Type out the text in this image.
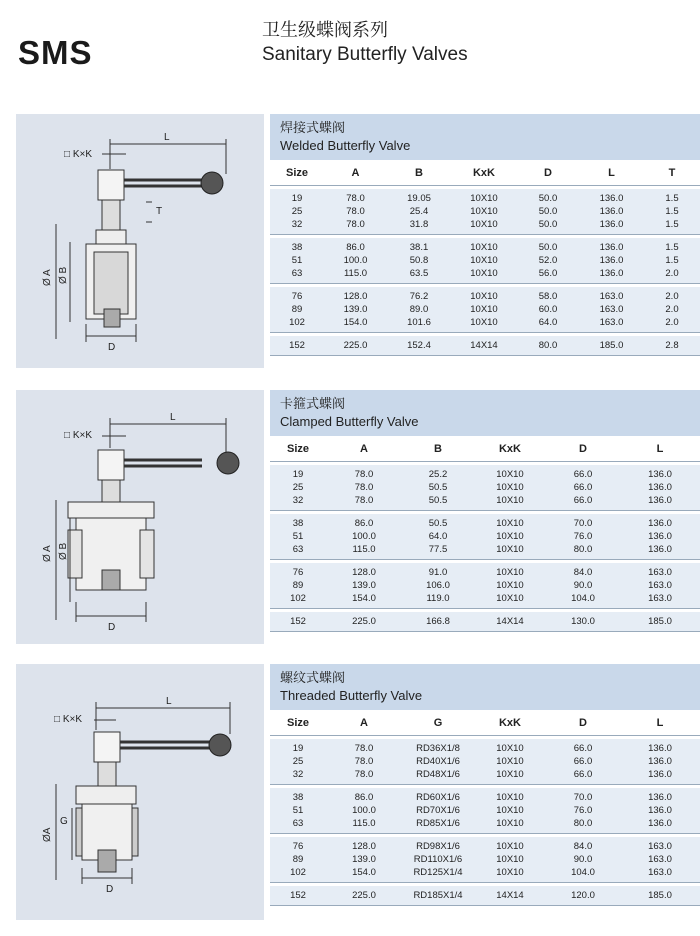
SMS
卫生级蝶阀系列
Sanitary Butterfly Valves
□ K×K
L
T
Ø A Ø B
D
焊接式蝶阀
Welded Butterfly Valve
Size	A	B	KxK	D	L	T
19	78.0	19.05	10X10	50.0	136.0	1.5
25	78.0	25.4	10X10	50.0	136.0	1.5
32	78.0	31.8	10X10	50.0	136.0	1.5
38	86.0	38.1	10X10	50.0	136.0	1.5
51	100.0	50.8	10X10	52.0	136.0	1.5
63	115.0	63.5	10X10	56.0	136.0	2.0
76	128.0	76.2	10X10	58.0	163.0	2.0
89	139.0	89.0	10X10	60.0	163.0	2.0
102	154.0	101.6	10X10	64.0	163.0	2.0
152	225.0	152.4	14X14	80.0	185.0	2.8
□ K×K
L
Ø A Ø B
D
卡箍式蝶阀
Clamped Butterfly Valve
Size	A	B	KxK	D	L
19	78.0	25.2	10X10	66.0	136.0
25	78.0	50.5	10X10	66.0	136.0
32	78.0	50.5	10X10	66.0	136.0
38	86.0	50.5	10X10	70.0	136.0
51	100.0	64.0	10X10	76.0	136.0
63	115.0	77.5	10X10	80.0	136.0
76	128.0	91.0	10X10	84.0	163.0
89	139.0	106.0	10X10	90.0	163.0
102	154.0	119.0	10X10	104.0	163.0
152	225.0	166.8	14X14	130.0	185.0
□ K×K
L
ØA
G
D
螺纹式蝶阀
Threaded Butterfly Valve
Size	A	G	KxK	D	L
19	78.0	RD36X1/8	10X10	66.0	136.0
25	78.0	RD40X1/6	10X10	66.0	136.0
32	78.0	RD48X1/6	10X10	66.0	136.0
38	86.0	RD60X1/6	10X10	70.0	136.0
51	100.0	RD70X1/6	10X10	76.0	136.0
63	115.0	RD85X1/6	10X10	80.0	136.0
76	128.0	RD98X1/6	10X10	84.0	163.0
89	139.0	RD110X1/6	10X10	90.0	163.0
102	154.0	RD125X1/4	10X10	104.0	163.0
152	225.0	RD185X1/4	14X14	120.0	185.0
